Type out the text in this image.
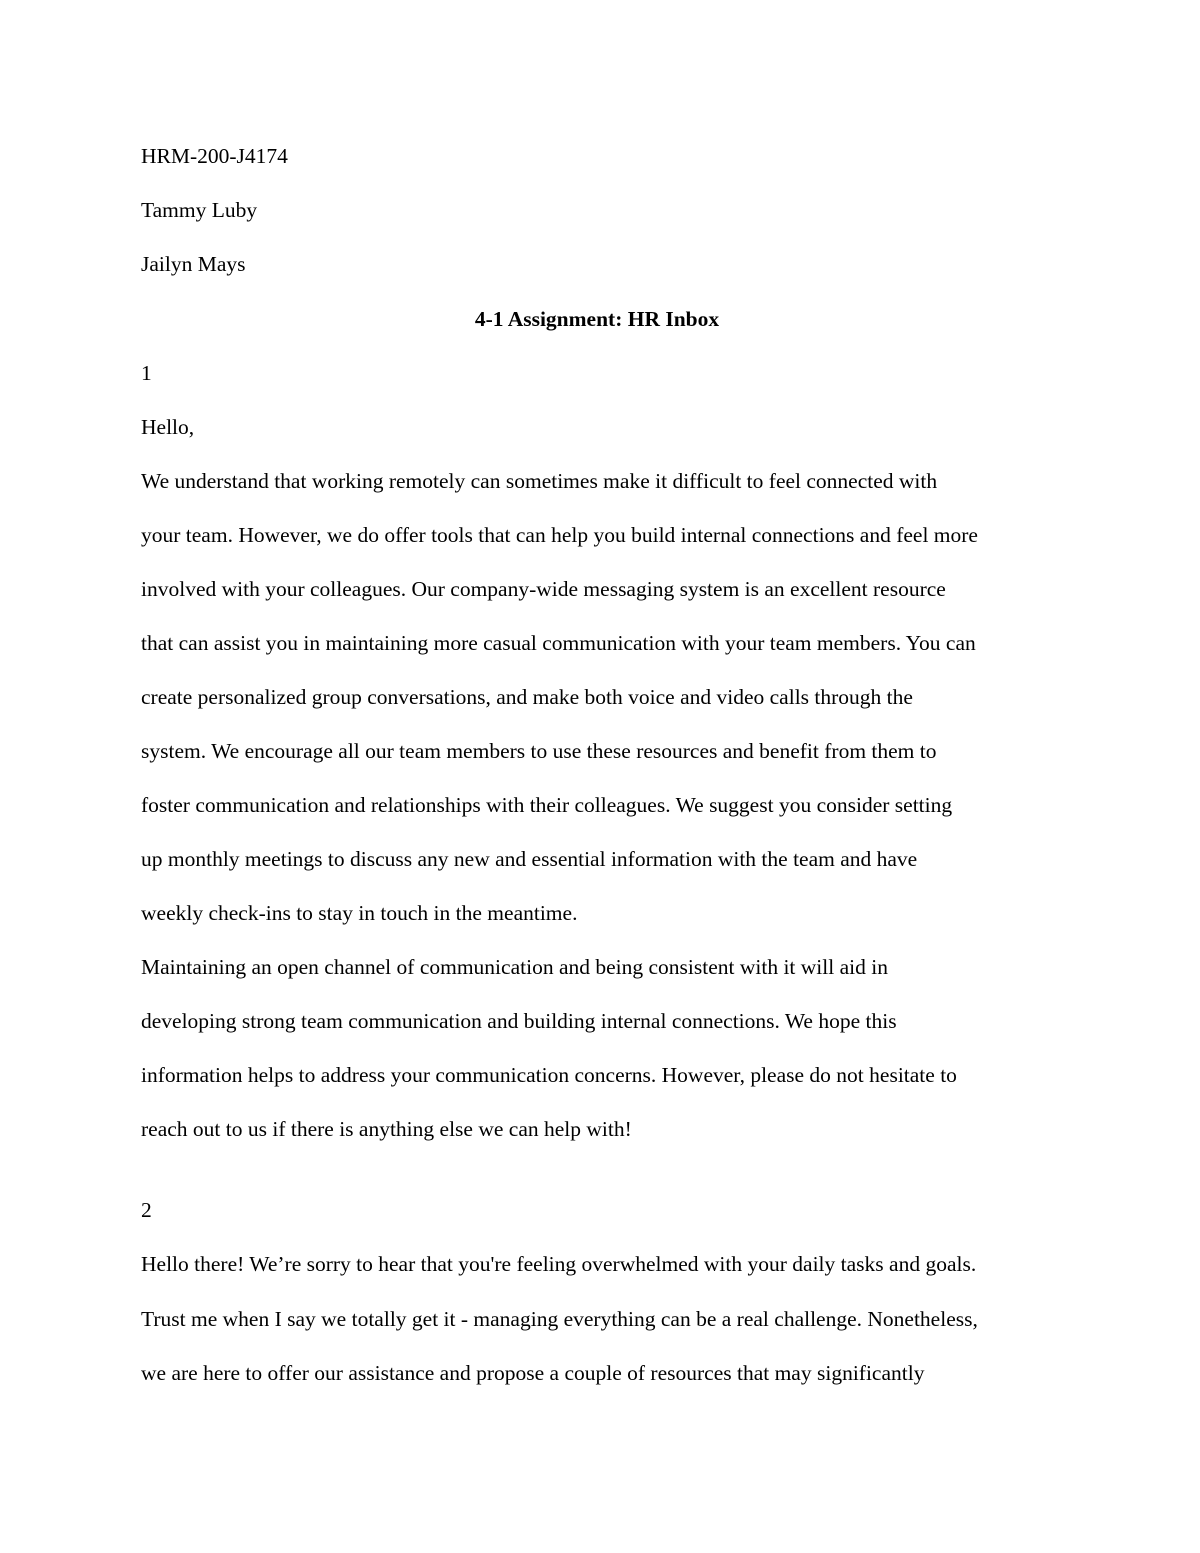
HRM-200-J4174

Tammy Luby

Jailyn Mays

4-1 Assignment: HR Inbox

1

Hello,

We understand that working remotely can sometimes make it difficult to feel connected with

your team. However, we do offer tools that can help you build internal connections and feel more

involved with your colleagues. Our company-wide messaging system is an excellent resource

that can assist you in maintaining more casual communication with your team members. You can

create personalized group conversations, and make both voice and video calls through the

system. We encourage all our team members to use these resources and benefit from them to

foster communication and relationships with their colleagues. We suggest you consider setting

up monthly meetings to discuss any new and essential information with the team and have

weekly check-ins to stay in touch in the meantime.

Maintaining an open channel of communication and being consistent with it will aid in

developing strong team communication and building internal connections. We hope this

information helps to address your communication concerns. However, please do not hesitate to

reach out to us if there is anything else we can help with!

2

Hello there! We’re sorry to hear that you're feeling overwhelmed with your daily tasks and goals.

Trust me when I say we totally get it - managing everything can be a real challenge. Nonetheless,

we are here to offer our assistance and propose a couple of resources that may significantly
